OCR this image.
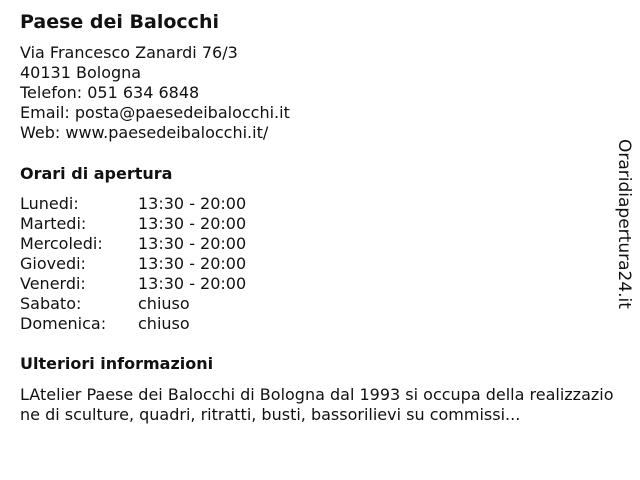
Paese dei Balocchi
Via Francesco Zanardi 76/3
40131 Bologna
Telefon: 051 634 6848
Email: posta@paesedeibalocchi.it
Web: www.paesedeibalocchi.it/
Orari di apertura
Lunedi:	13:30 - 20:00
Martedi:	13:30 - 20:00
Mercoledi:	13:30 - 20:00
Giovedi:	13:30 - 20:00
Venerdi:	13:30 - 20:00
Sabato:	chiuso
Domenica:	chiuso
Ulteriori informazioni
LAtelier Paese dei Balocchi di Bologna dal 1993 si occupa della realizzazione di sculture, quadri, ritratti, busti, bassorilievi su commissi...
Oraridiapertura24.it
